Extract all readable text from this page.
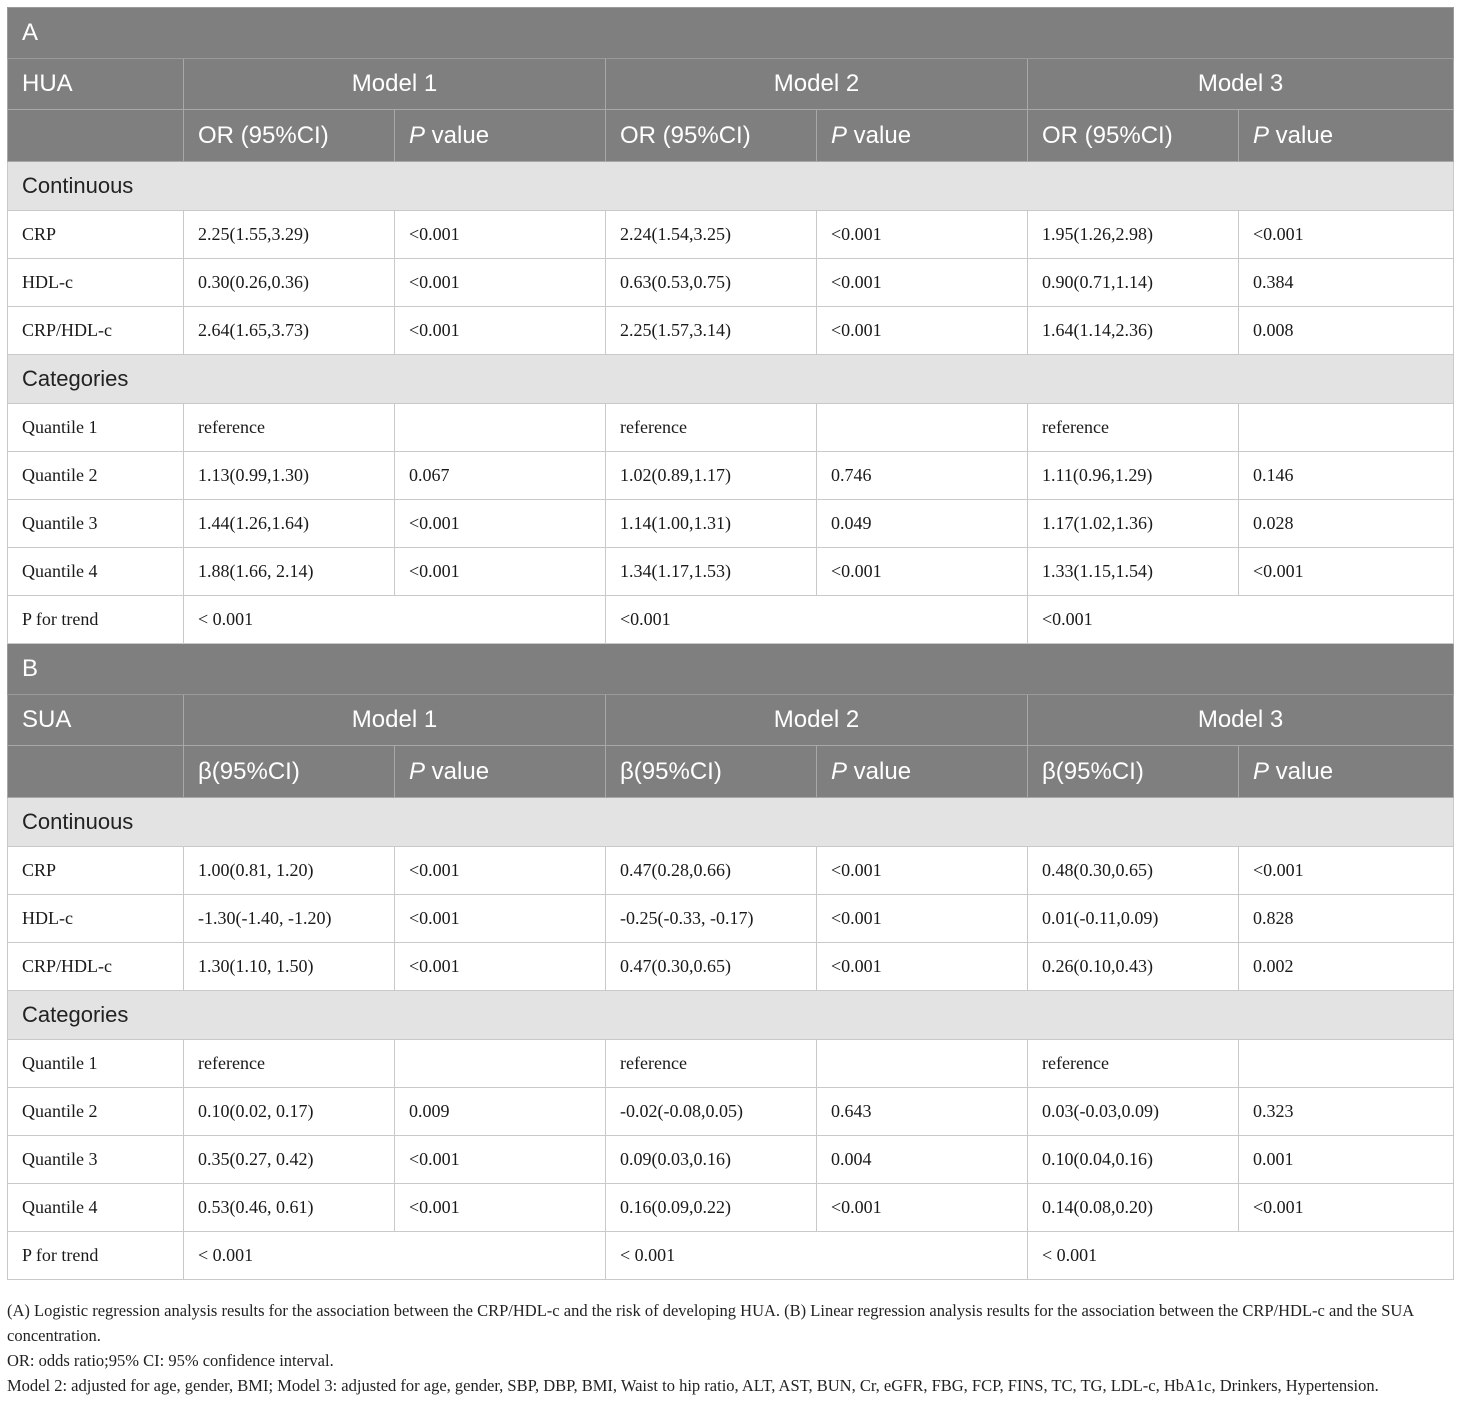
A						
HUA	Model 1		Model 2		Model 3	
	OR (95%CI)	P value	OR (95%CI)	P value	OR (95%CI)	P value
Continuous						
CRP	2.25(1.55,3.29)	<0.001	2.24(1.54,3.25)	<0.001	1.95(1.26,2.98)	<0.001
HDL-c	0.30(0.26,0.36)	<0.001	0.63(0.53,0.75)	<0.001	0.90(0.71,1.14)	0.384
CRP/HDL-c	2.64(1.65,3.73)	<0.001	2.25(1.57,3.14)	<0.001	1.64(1.14,2.36)	0.008
Categories						
Quantile 1	reference		reference		reference	
Quantile 2	1.13(0.99,1.30)	0.067	1.02(0.89,1.17)	0.746	1.11(0.96,1.29)	0.146
Quantile 3	1.44(1.26,1.64)	<0.001	1.14(1.00,1.31)	0.049	1.17(1.02,1.36)	0.028
Quantile 4	1.88(1.66, 2.14)	<0.001	1.34(1.17,1.53)	<0.001	1.33(1.15,1.54)	<0.001
P for trend	< 0.001		<0.001		<0.001	
B						
SUA	Model 1		Model 2		Model 3	
	β(95%CI)	P value	β(95%CI)	P value	β(95%CI)	P value
Continuous						
CRP	1.00(0.81, 1.20)	<0.001	0.47(0.28,0.66)	<0.001	0.48(0.30,0.65)	<0.001
HDL-c	-1.30(-1.40, -1.20)	<0.001	-0.25(-0.33, -0.17)	<0.001	0.01(-0.11,0.09)	0.828
CRP/HDL-c	1.30(1.10, 1.50)	<0.001	0.47(0.30,0.65)	<0.001	0.26(0.10,0.43)	0.002
Categories						
Quantile 1	reference		reference		reference	
Quantile 2	0.10(0.02, 0.17)	0.009	-0.02(-0.08,0.05)	0.643	0.03(-0.03,0.09)	0.323
Quantile 3	0.35(0.27, 0.42)	<0.001	0.09(0.03,0.16)	0.004	0.10(0.04,0.16)	0.001
Quantile 4	0.53(0.46, 0.61)	<0.001	0.16(0.09,0.22)	<0.001	0.14(0.08,0.20)	<0.001
P for trend	< 0.001		< 0.001		< 0.001	

(A) Logistic regression analysis results for the association between the CRP/HDL-c and the risk of developing HUA. (B) Linear regression analysis results for the association between the CRP/HDL-c and the SUA concentration.

OR: odds ratio;95% CI: 95% confidence interval.

Model 2: adjusted for age, gender, BMI; Model 3: adjusted for age, gender, SBP, DBP, BMI, Waist to hip ratio, ALT, AST, BUN, Cr, eGFR, FBG, FCP, FINS, TC, TG, LDL-c, HbA1c, Drinkers, Hypertension.
